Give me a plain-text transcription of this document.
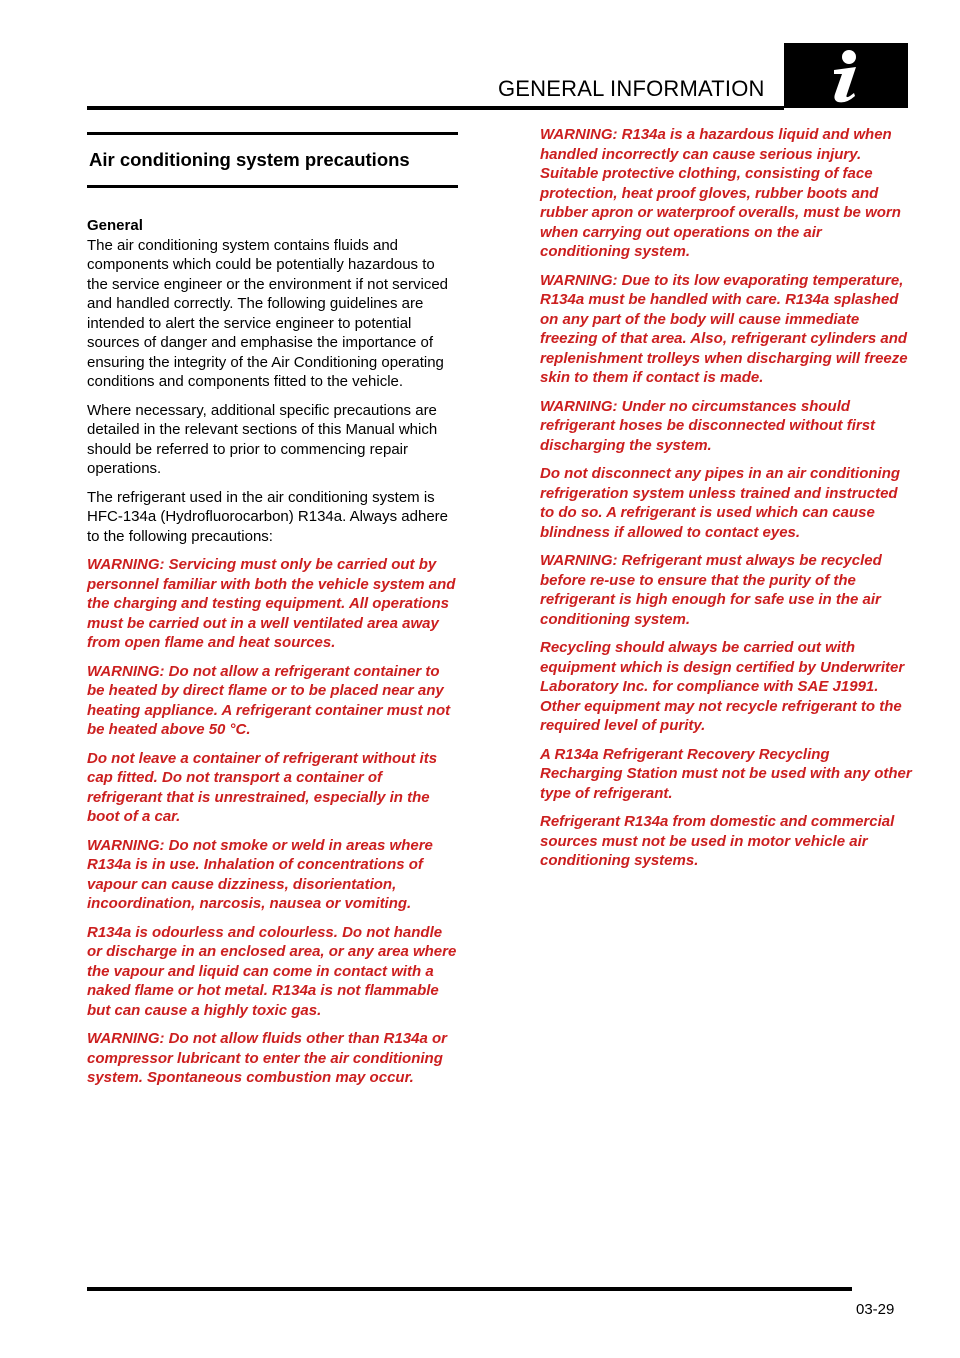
GENERAL INFORMATION
Air conditioning system precautions
General

The air conditioning system contains fluids and components which could be potentially hazardous to the service engineer or the environment if not serviced and handled correctly. The following guidelines are intended to alert the service engineer to potential sources of danger and emphasise the importance of ensuring the integrity of the Air Conditioning operating conditions and components fitted to the vehicle.

Where necessary, additional specific precautions are detailed in the relevant sections of this Manual which should be referred to prior to commencing repair operations.

The refrigerant used in the air conditioning system is HFC-134a (Hydrofluorocarbon) R134a. Always adhere to the following precautions:

WARNING: Servicing must only be carried out by personnel familiar with both the vehicle system and the charging and testing equipment. All operations must be carried out in a well ventilated area away from open flame and heat sources.

WARNING: Do not allow a refrigerant container to be heated by direct flame or to be placed near any heating appliance. A refrigerant container must not be heated above 50 °C.

Do not leave a container of refrigerant without its cap fitted. Do not transport a container of refrigerant that is unrestrained, especially in the boot of a car.

WARNING: Do not smoke or weld in areas where R134a is in use. Inhalation of concentrations of vapour can cause dizziness, disorientation, incoordination, narcosis, nausea or vomiting.

R134a is odourless and colourless. Do not handle or discharge in an enclosed area, or any area where the vapour and liquid can come in contact with a naked flame or hot metal. R134a is not flammable but can cause a highly toxic gas.

WARNING: Do not allow fluids other than R134a or compressor lubricant to enter the air conditioning system. Spontaneous combustion may occur.

WARNING: R134a is a hazardous liquid and when handled incorrectly can cause serious injury. Suitable protective clothing, consisting of face protection, heat proof gloves, rubber boots and rubber apron or waterproof overalls, must be worn when carrying out operations on the air conditioning system.

WARNING: Due to its low evaporating temperature, R134a must be handled with care. R134a splashed on any part of the body will cause immediate freezing of that area. Also, refrigerant cylinders and replenishment trolleys when discharging will freeze skin to them if contact is made.

WARNING: Under no circumstances should refrigerant hoses be disconnected without first discharging the system.

Do not disconnect any pipes in an air conditioning refrigeration system unless trained and instructed to do so. A refrigerant is used which can cause blindness if allowed to contact eyes.

WARNING: Refrigerant must always be recycled before re-use to ensure that the purity of the refrigerant is high enough for safe use in the air conditioning system.

Recycling should always be carried out with equipment which is design certified by Underwriter Laboratory Inc. for compliance with SAE J1991. Other equipment may not recycle refrigerant to the required level of purity.

A R134a Refrigerant Recovery Recycling Recharging Station must not be used with any other type of refrigerant.

Refrigerant R134a from domestic and commercial sources must not be used in motor vehicle air conditioning systems.

03-29
